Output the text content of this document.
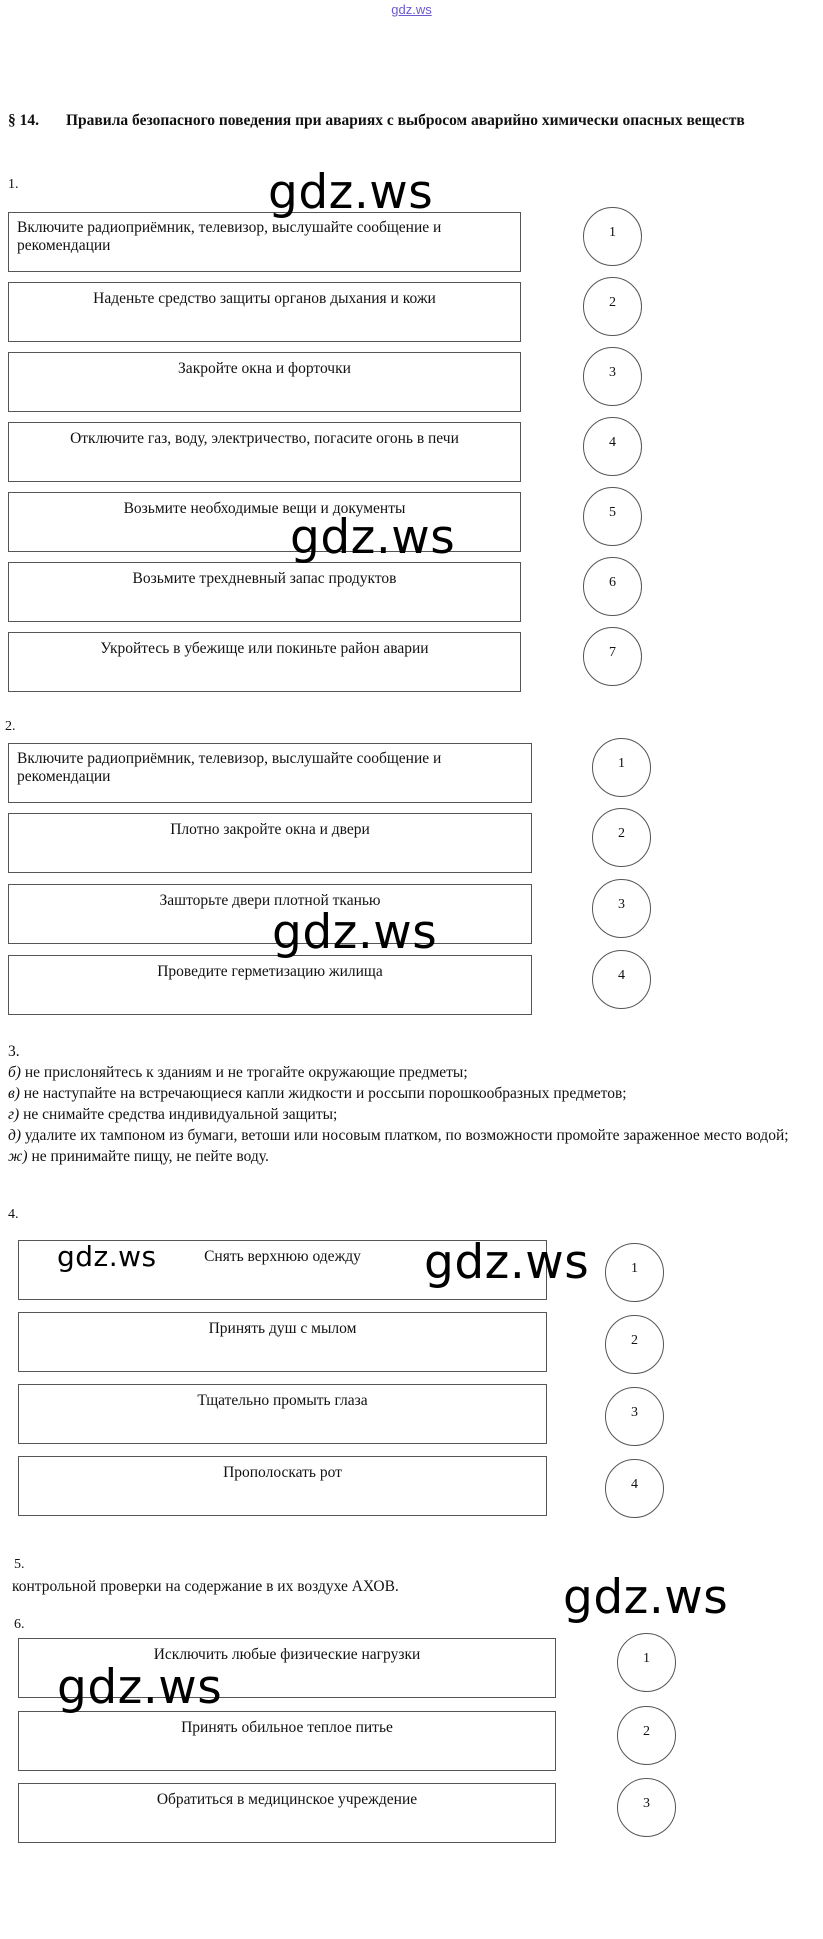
gdz.ws
§ 14. Правила безопасного поведения при авариях с выбросом аварийно химически опасных веществ
1.
Включите радиоприёмник, телевизор, выслушайте сообщение и рекомендации
1
Наденьте средство защиты органов дыхания и кожи	2
Закройте окна и форточки	3
Отключите газ, воду, электричество, погасите огонь в печи	4
Возьмите необходимые вещи и документы	5
Возьмите трехдневный запас продуктов	6
Укройтесь в убежище или покиньте район аварии	7
2.
Включите радиоприёмник, телевизор, выслушайте сообщение и рекомендации
1
Плотно закройте окна и двери	2
Зашторьте двери плотной тканью	3
Проведите герметизацию жилища	4
3.
б) не прислоняйтесь к зданиям и не трогайте окружающие предметы;
в) не наступайте на встречающиеся капли жидкости и россыпи порошкообразных предметов;
г) не снимайте средства индивидуальной защиты;
д) удалите их тампоном из бумаги, ветоши или носовым платком, по возможности промойте зараженное место водой;
ж) не принимайте пищу, не пейте воду.
4.
Снять верхнюю одежду
1
Принять душ с мылом
2
Тщательно промыть глаза
3
Прополоскать рот
4
5.
контрольной проверки на содержание в их воздухе АХОВ.
6.
Исключить любые физические нагрузки	1
Принять обильное теплое питье	2
Обратиться в медицинское учреждение	3
gdz.ws
gdz.ws
gdz.ws
gdz.ws	gdz.ws
gdz.ws
gdz.ws
